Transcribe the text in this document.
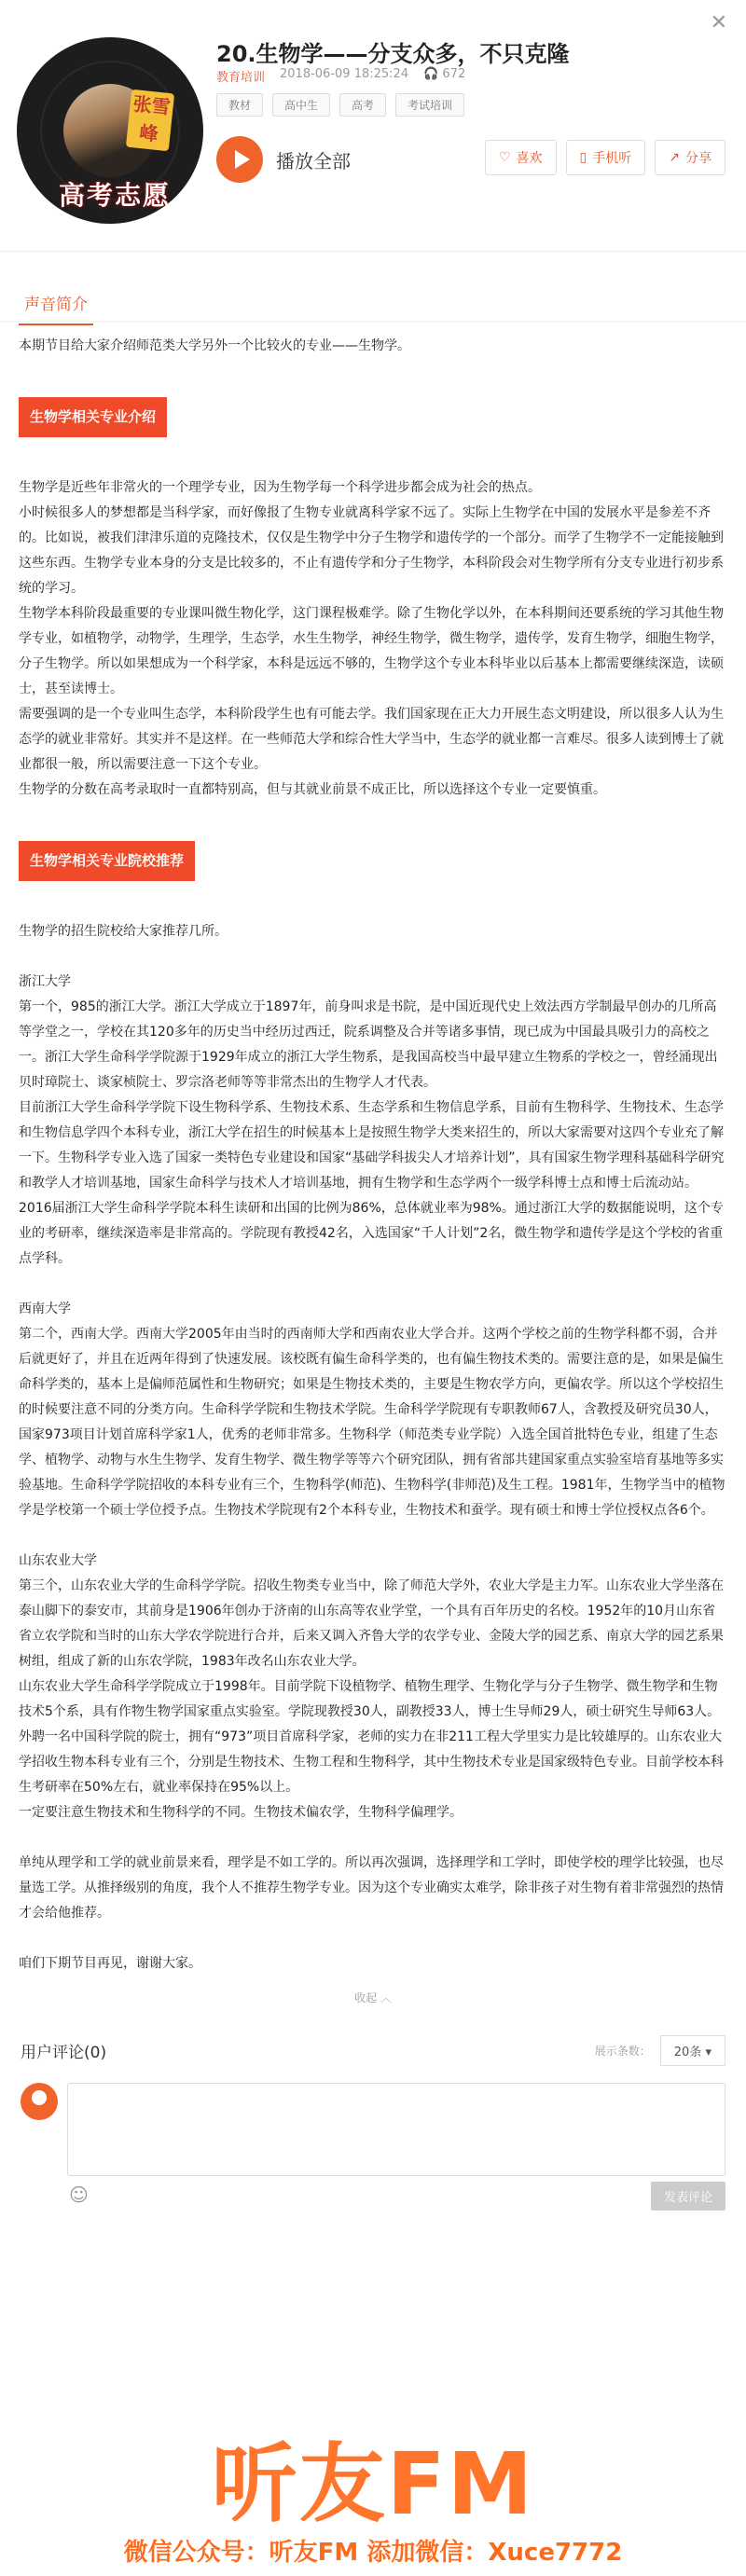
张雪峰
高考志愿
✕
20.生物学——分支众多，不只克隆
教育培训 2018-06-09 18:25:24 🎧 672
教材	高中生	高考	考试培训
播放全部	♡ 喜欢	▯ 手机听	↗ 分享
声音简介

本期节目给大家介绍师范类大学另外一个比较火的专业——生物学。

生物学相关专业介绍

生物学是近些年非常火的一个理学专业，因为生物学每一个科学进步都会成为社会的热点。

小时候很多人的梦想都是当科学家，而好像报了生物专业就离科学家不远了。实际上生物学在中国的发展水平是参差不齐的。比如说，被我们津津乐道的克隆技术，仅仅是生物学中分子生物学和遗传学的一个部分。而学了生物学不一定能接触到这些东西。生物学专业本身的分支是比较多的，不止有遗传学和分子生物学，本科阶段会对生物学所有分支专业进行初步系统的学习。

生物学本科阶段最重要的专业课叫微生物化学，这门课程极难学。除了生物化学以外，在本科期间还要系统的学习其他生物学专业，如植物学，动物学，生理学，生态学，水生生物学，神经生物学，微生物学，遗传学，发育生物学，细胞生物学，分子生物学。所以如果想成为一个科学家，本科是远远不够的，生物学这个专业本科毕业以后基本上都需要继续深造，读硕士，甚至读博士。

需要强调的是一个专业叫生态学，本科阶段学生也有可能去学。我们国家现在正大力开展生态文明建设，所以很多人认为生态学的就业非常好。其实并不是这样。在一些师范大学和综合性大学当中，生态学的就业都一言难尽。很多人读到博士了就业都很一般，所以需要注意一下这个专业。

生物学的分数在高考录取时一直都特别高，但与其就业前景不成正比，所以选择这个专业一定要慎重。

生物学相关专业院校推荐

生物学的招生院校给大家推荐几所。

浙江大学

第一个，985的浙江大学。浙江大学成立于1897年，前身叫求是书院，是中国近现代史上效法西方学制最早创办的几所高等学堂之一，学校在其120多年的历史当中经历过西迁，院系调整及合并等诸多事情，现已成为中国最具吸引力的高校之一。浙江大学生命科学学院源于1929年成立的浙江大学生物系，是我国高校当中最早建立生物系的学校之一，曾经涌现出贝时璋院士、谈家桢院士、罗宗洛老师等等非常杰出的生物学人才代表。

目前浙江大学生命科学学院下设生物科学系、生物技术系、生态学系和生物信息学系，目前有生物科学、生物技术、生态学和生物信息学四个本科专业，浙江大学在招生的时候基本上是按照生物学大类来招生的，所以大家需要对这四个专业充了解一下。生物科学专业入选了国家一类特色专业建设和国家“基础学科拔尖人才培养计划”，具有国家生物学理科基础科学研究和教学人才培训基地，国家生命科学与技术人才培训基地，拥有生物学和生态学两个一级学科博士点和博士后流动站。2016届浙江大学生命科学学院本科生读研和出国的比例为86%，总体就业率为98%。通过浙江大学的数据能说明，这个专业的考研率，继续深造率是非常高的。学院现有教授42名，入选国家“千人计划”2名，微生物学和遗传学是这个学校的省重点学科。

西南大学

第二个，西南大学。西南大学2005年由当时的西南师大学和西南农业大学合并。这两个学校之前的生物学科都不弱，合并后就更好了，并且在近两年得到了快速发展。该校既有偏生命科学类的，也有偏生物技术类的。需要注意的是，如果是偏生命科学类的，基本上是偏师范属性和生物研究；如果是生物技术类的，主要是生物农学方向，更偏农学。所以这个学校招生的时候要注意不同的分类方向。生命科学学院和生物技术学院。生命科学学院现有专职教师67人，含教授及研究员30人，国家973项目计划首席科学家1人，优秀的老师非常多。生物科学（师范类专业学院）入选全国首批特色专业，组建了生态学、植物学、动物与水生生物学、发育生物学、微生物学等等六个研究团队，拥有省部共建国家重点实验室培育基地等多实验基地。生命科学学院招收的本科专业有三个，生物科学(师范)、生物科学(非师范)及生工程。1981年，生物学当中的植物学是学校第一个硕士学位授予点。生物技术学院现有2个本科专业，生物技术和蚕学。现有硕士和博士学位授权点各6个。

山东农业大学

第三个，山东农业大学的生命科学学院。招收生物类专业当中，除了师范大学外，农业大学是主力军。山东农业大学坐落在泰山脚下的泰安市，其前身是1906年创办于济南的山东高等农业学堂，一个具有百年历史的名校。1952年的10月山东省省立农学院和当时的山东大学农学院进行合并，后来又调入齐鲁大学的农学专业、金陵大学的园艺系、南京大学的园艺系果树组，组成了新的山东农学院，1983年改名山东农业大学。

山东农业大学生命科学学院成立于1998年。目前学院下设植物学、植物生理学、生物化学与分子生物学、微生物学和生物技术5个系，具有作物生物学国家重点实验室。学院现教授30人，副教授33人，博士生导师29人，硕士研究生导师63人。外聘一名中国科学院的院士，拥有“973”项目首席科学家，老师的实力在非211工程大学里实力是比较雄厚的。山东农业大学招收生物本科专业有三个，分别是生物技术、生物工程和生物科学，其中生物技术专业是国家级特色专业。目前学校本科生考研率在50%左右，就业率保持在95%以上。

一定要注意生物技术和生物科学的不同。生物技术偏农学，生物科学偏理学。

单纯从理学和工学的就业前景来看，理学是不如工学的。所以再次强调，选择理学和工学时，即使学校的理学比较强，也尽量选工学。从推择级别的角度，我个人不推荐生物学专业。因为这个专业确实太难学，除非孩子对生物有着非常强烈的热情才会给他推荐。

咱们下期节目再见，谢谢大家。

收起 ︿
用户评论(0)	展示条数：	20条 ▾
☺	发表评论
听友FM
微信公众号：听友FM 添加微信：Xuce7772
